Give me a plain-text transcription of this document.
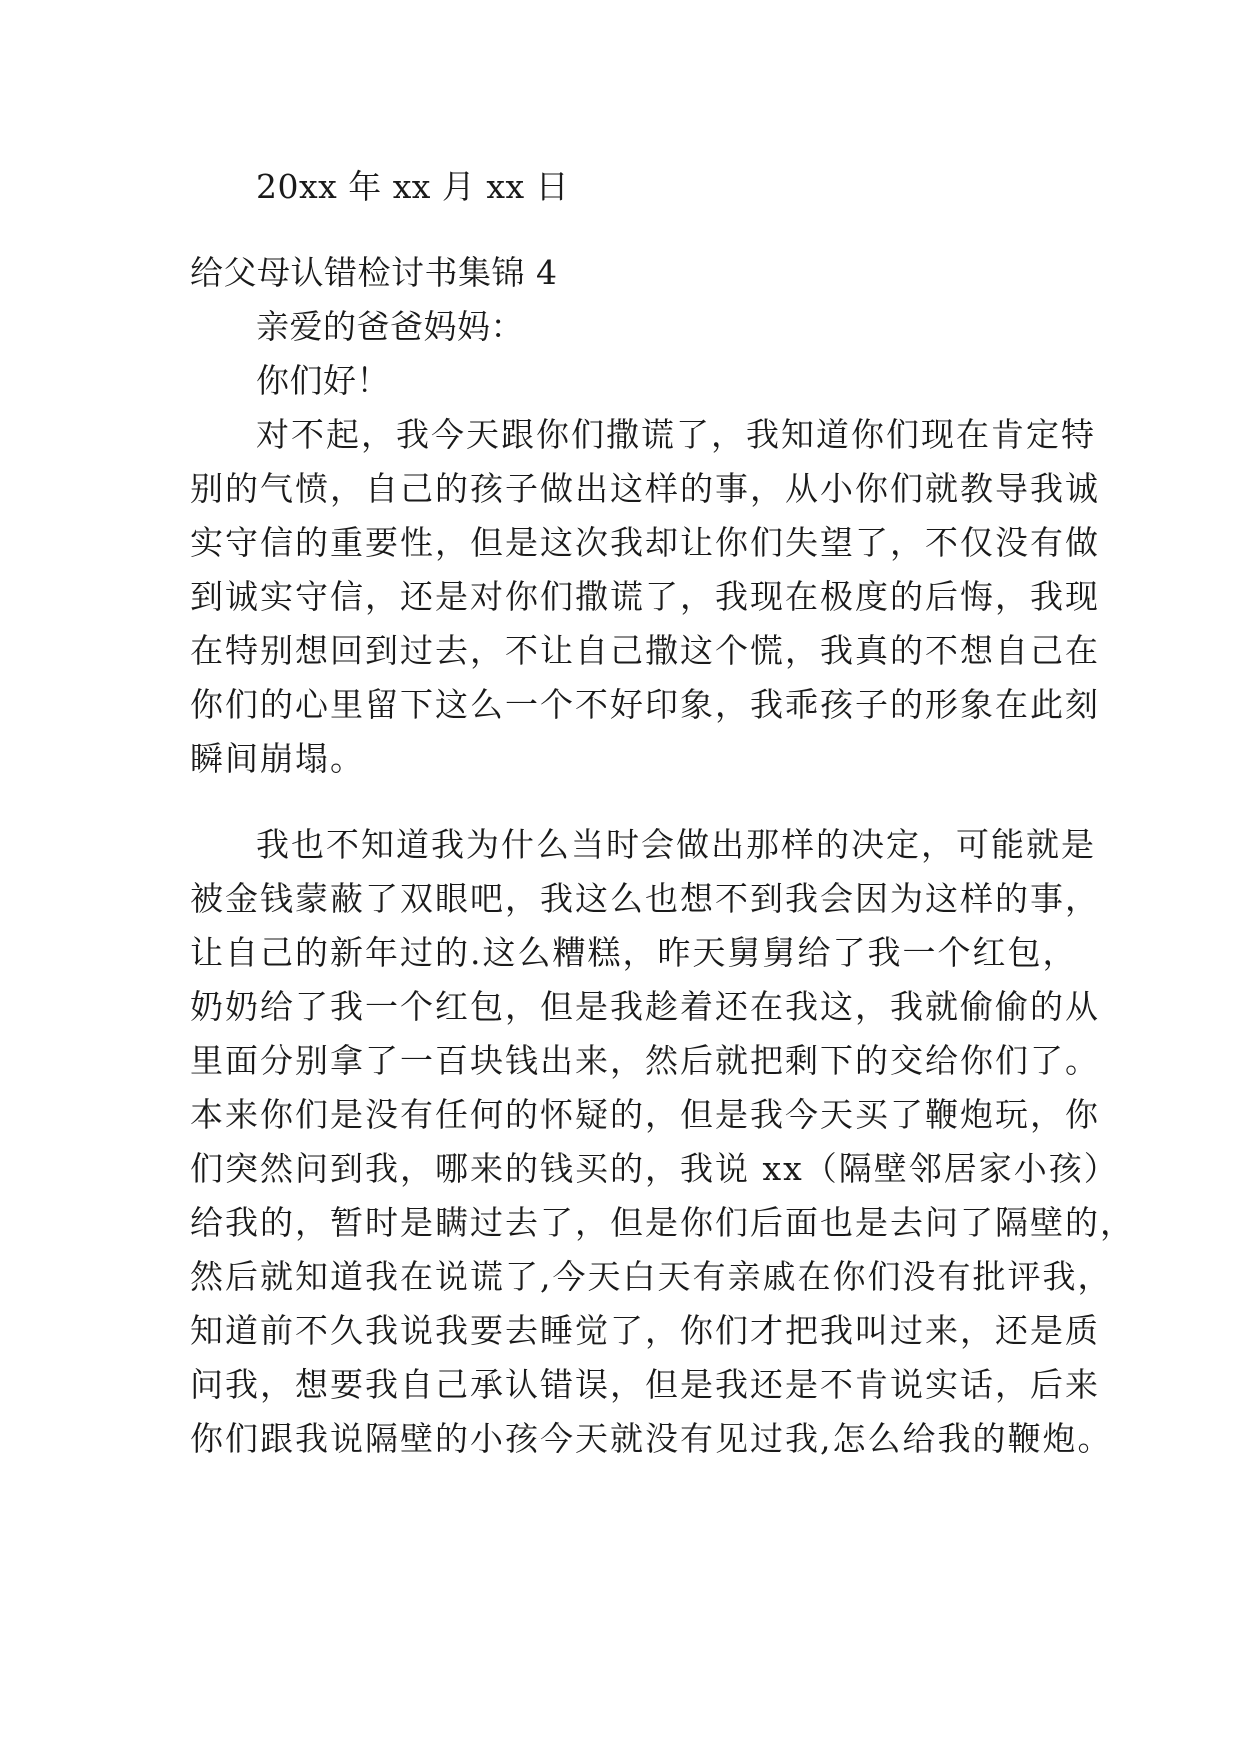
20xx 年 xx 月 xx 日
给父母认错检讨书集锦 4
亲爱的爸爸妈妈：
你们好！
对不起，我今天跟你们撒谎了，我知道你们现在肯定特
别的气愤，自己的孩子做出这样的事，从小你们就教导我诚
实守信的重要性，但是这次我却让你们失望了，不仅没有做
到诚实守信，还是对你们撒谎了，我现在极度的后悔，我现
在特别想回到过去，不让自己撒这个慌，我真的不想自己在
你们的心里留下这么一个不好印象，我乖孩子的形象在此刻
瞬间崩塌。
我也不知道我为什么当时会做出那样的决定，可能就是
被金钱蒙蔽了双眼吧，我这么也想不到我会因为这样的事，
让自己的新年过的.这么糟糕，昨天舅舅给了我一个红包，
奶奶给了我一个红包，但是我趁着还在我这，我就偷偷的从
里面分别拿了一百块钱出来，然后就把剩下的交给你们了。
本来你们是没有任何的怀疑的，但是我今天买了鞭炮玩，你
们突然问到我，哪来的钱买的，我说 xx（隔壁邻居家小孩）
给我的，暂时是瞒过去了，但是你们后面也是去问了隔壁的，
然后就知道我在说谎了,今天白天有亲戚在你们没有批评我，
知道前不久我说我要去睡觉了，你们才把我叫过来，还是质
问我，想要我自己承认错误，但是我还是不肯说实话，后来
你们跟我说隔壁的小孩今天就没有见过我,怎么给我的鞭炮。
